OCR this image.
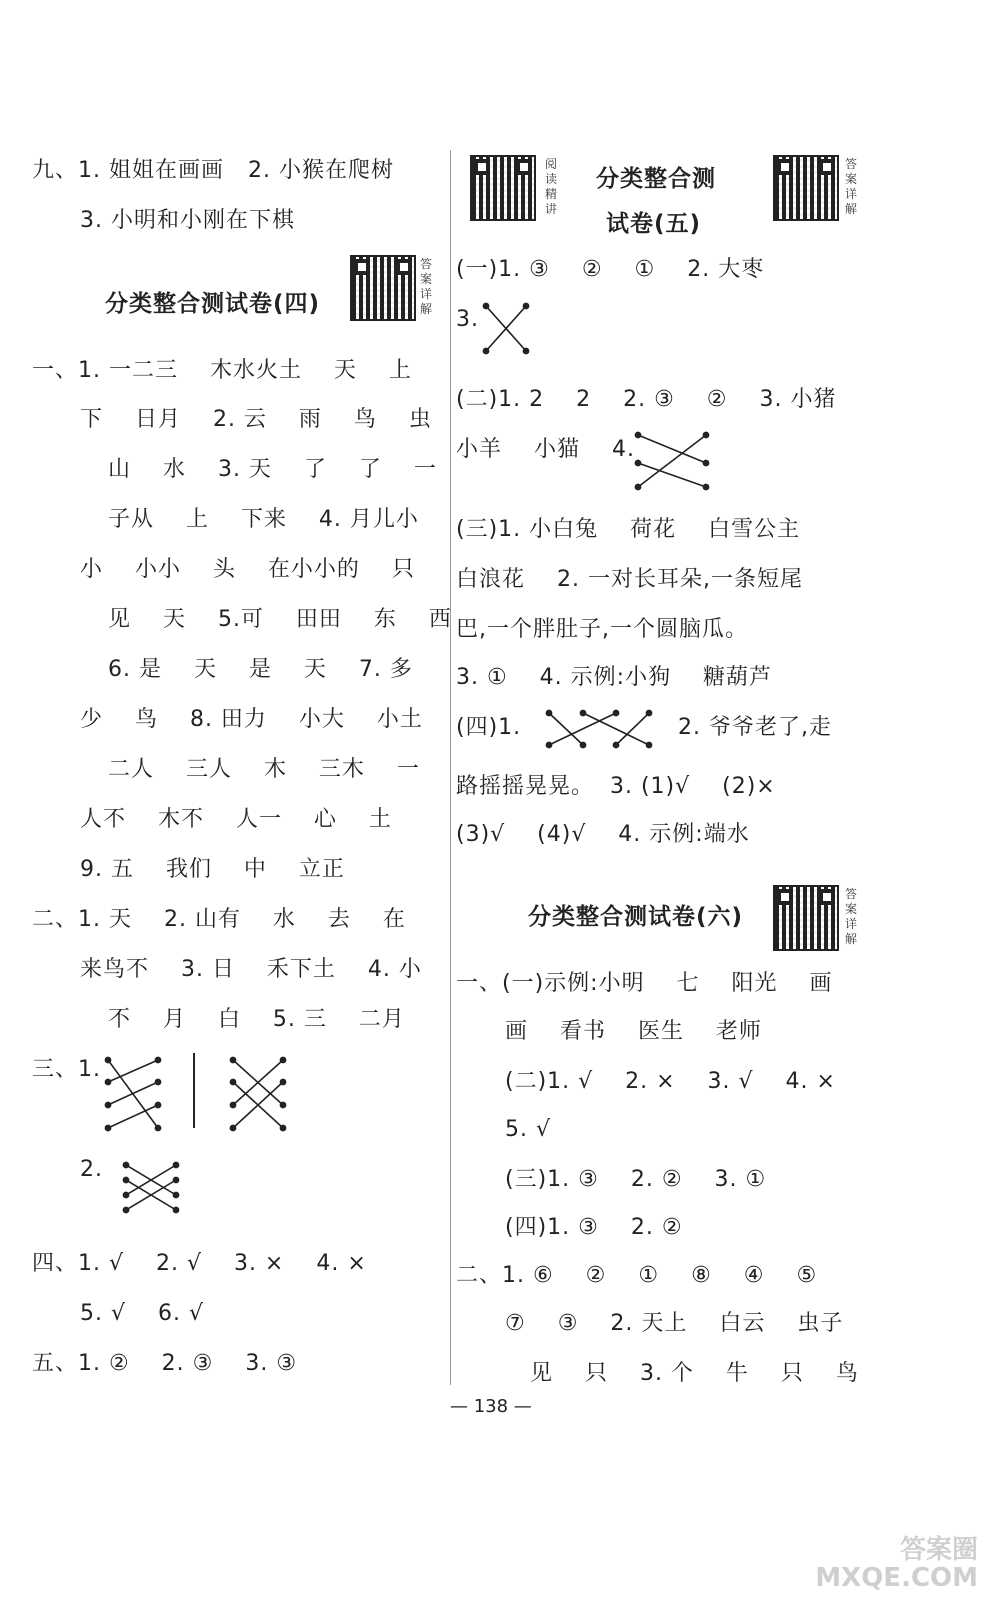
九、1. 姐姐在画画   2. 小猴在爬树
3. 小明和小刚在下棋
分类整合测试卷(四)
答案详解
一、1. 一二三    木水火土    天    上
下    日月    2. 云    雨    鸟    虫
山    水    3. 天    了    了    一
子从    上    下来    4. 月儿小
小    小小    头    在小小的    只
见    天    5.可    田田    东    西
6. 是    天    是    天    7. 多
少    鸟    8. 田力    小大    小土
二人    三人    木    三木    一
人不    木不    人一    心    土
9. 五    我们    中    立正
二、1. 天    2. 山有    水    去    在
来鸟不    3. 日    禾下土    4. 小
不    月    白    5. 三    二月
三、1.
2.
四、1. √    2. √    3. ×    4. ×
5. √    6. √
五、1. ②    2. ③    3. ③
阅读精讲
分类整合测
试卷(五)
答案详解
(一)1. ③    ②    ①    2. 大枣
3.
(二)1. 2    2    2. ③    ②    3. 小猪
小羊    小猫    4.
(三)1. 小白兔    荷花    白雪公主
白浪花    2. 一对长耳朵,一条短尾
巴,一个胖肚子,一个圆脑瓜。
3. ①    4. 示例:小狗    糖葫芦
(四)1.	2. 爷爷老了,走
路摇摇晃晃。  3. (1)√    (2)×
(3)√    (4)√    4. 示例:端水
分类整合测试卷(六)
答案详解
一、(一)示例:小明    七    阳光    画
画    看书    医生    老师
(二)1. √    2. ×    3. √    4. ×
5. √
(三)1. ③    2. ②    3. ①
(四)1. ③    2. ②
二、1. ⑥    ②    ①    ⑧    ④    ⑤
⑦    ③    2. 天上    白云    虫子
见    只    3. 个    牛    只    鸟
— 138 —
答案圈
MXQE.COM
